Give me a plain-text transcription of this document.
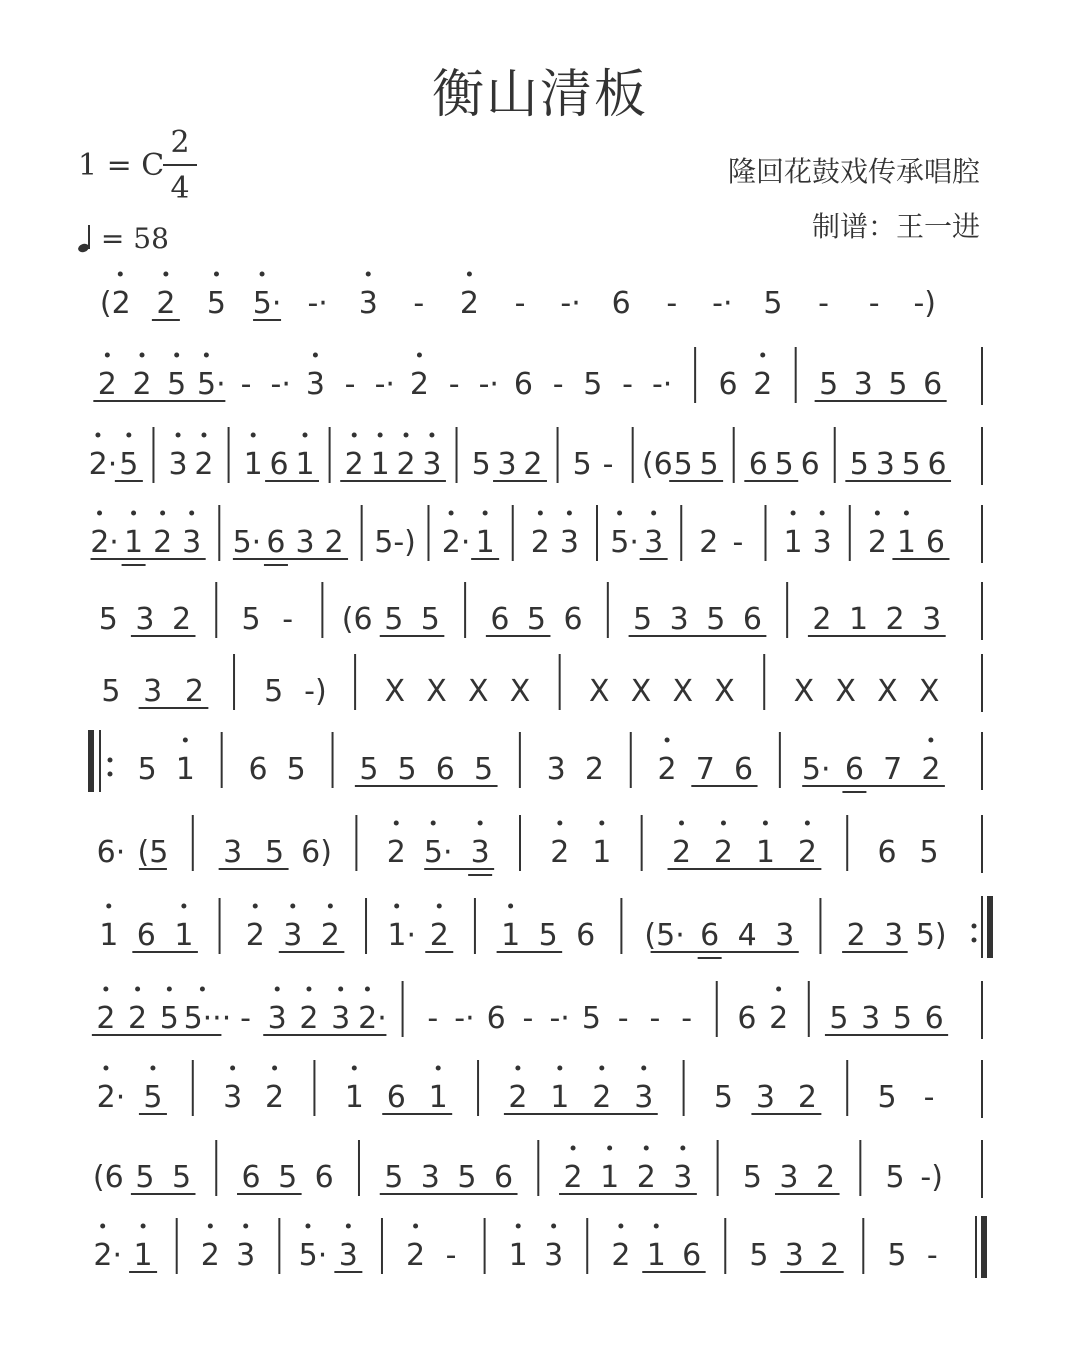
衡山清板
1 = C
2
4
= 58
隆回花鼓戏传承唱腔
制谱：王一进
(2 2 5 5· -· 3 - 2 - -· 6 - -· 5 - - -)
2 2 5 5· - -· 3 - -· 2 - -· 6 - 5 - -· 6 2 5 3 5 6
2· 5 3 2 1 6 1 2 1 2 3 5 3 2 5 - (6 5 5 6 5 6 5 3 5 6
2· 1 2 3 5· 6 3 2 5-) 2· 1 2 3 5· 3 2 - 1 3 2 1 6
5 3 2 5 - (6 5 5 6 5 6 5 3 5 6 2 1 2 3
5 3 2 5 -) X X X X X X X X X X X X
5 1 6 5 5 5 6 5 3 2 2 7 6 5· 6 7 2
6· (5 3 5 6) 2 5· 3 2 1 2 2 1 2 6 5
1 6 1 2 3 2 1· 2 1 5 6 (5· 6 4 3 2 3 5)
2 2 5 5··· - 3 2 3 2· - -· 6 - -· 5 - - - 6 2 5 3 5 6
2· 5 3 2 1 6 1 2 1 2 3 5 3 2 5 -
(6 5 5 6 5 6 5 3 5 6 2 1 2 3 5 3 2 5 -)
2· 1 2 3 5· 3 2 - 1 3 2 1 6 5 3 2 5 -
